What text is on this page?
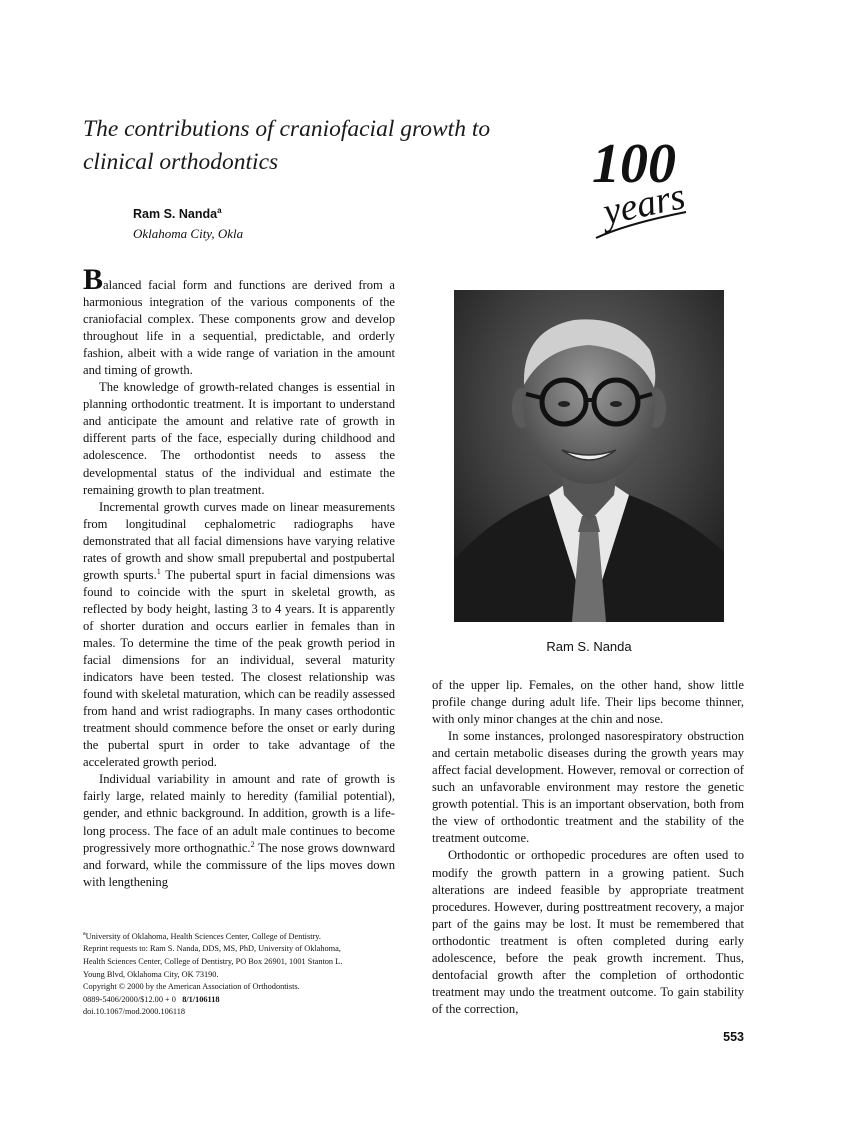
The contributions of craniofacial growth to
clinical orthodontics
Ram S. Nanda$^a$
Oklahoma City, Okla
100
years
Ram S. Nanda

Balanced facial form and functions are derived from a harmonious integration of the various components of the craniofacial complex. These components grow and develop throughout life in a sequential, predictable, and orderly fashion, albeit with a wide range of variation in the amount and timing of growth.

The knowledge of growth-related changes is essential in planning orthodontic treatment. It is important to understand and anticipate the amount and relative rate of growth in different parts of the face, especially during childhood and adolescence. The orthodontist needs to assess the developmental status of the individual and estimate the remaining growth to plan treatment.

Incremental growth curves made on linear measurements from longitudinal cephalometric radiographs have demonstrated that all facial dimensions have varying relative rates of growth and show small prepubertal and postpubertal growth spurts.$^1$ The pubertal spurt in facial dimensions was found to coincide with the spurt in skeletal growth, as reflected by body height, lasting 3 to 4 years. It is apparently of shorter duration and occurs earlier in females than in males. To determine the time of the peak growth period in facial dimensions for an individual, several maturity indicators have been tested. The closest relationship was found with skeletal maturation, which can be readily assessed from hand and wrist radiographs. In many cases orthodontic treatment should commence before the onset or early during the pubertal spurt in order to take advantage of the accelerated growth period.

Individual variability in amount and rate of growth is fairly large, related mainly to heredity (familial potential), gender, and ethnic background. In addition, growth is a life-long process. The face of an adult male continues to become progressively more orthognathic.$^2$ The nose grows downward and forward, while the commissure of the lips moves down with lengthening

of the upper lip. Females, on the other hand, show little profile change during adult life. Their lips become thinner, with only minor changes at the chin and nose.

In some instances, prolonged nasorespiratory obstruction and certain metabolic diseases during the growth years may affect facial development. However, removal or correction of such an unfavorable environment may restore the genetic growth potential. This is an important observation, both from the view of orthodontic treatment and the stability of the treatment outcome.

Orthodontic or orthopedic procedures are often used to modify the growth pattern in a growing patient. Such alterations are indeed feasible by appropriate treatment procedures. However, during posttreatment recovery, a major part of the gains may be lost. It must be remembered that orthodontic treatment is often completed during early adolescence, before the peak growth increment. Thus, dentofacial growth after the completion of orthodontic treatment may undo the treatment outcome. To gain stability of the correction,

$^a$University of Oklahoma, Health Sciences Center, College of Dentistry.
Reprint requests to: Ram S. Nanda, DDS, MS, PhD, University of Oklahoma,
Health Sciences Center, College of Dentistry, PO Box 26901, 1001 Stanton L.
Young Blvd, Oklahoma City, OK 73190.
Copyright © 2000 by the American Association of Orthodontists.
0889-5406/2000/$12.00 + 0 8/1/106118
doi.10.1067/mod.2000.106118
553
